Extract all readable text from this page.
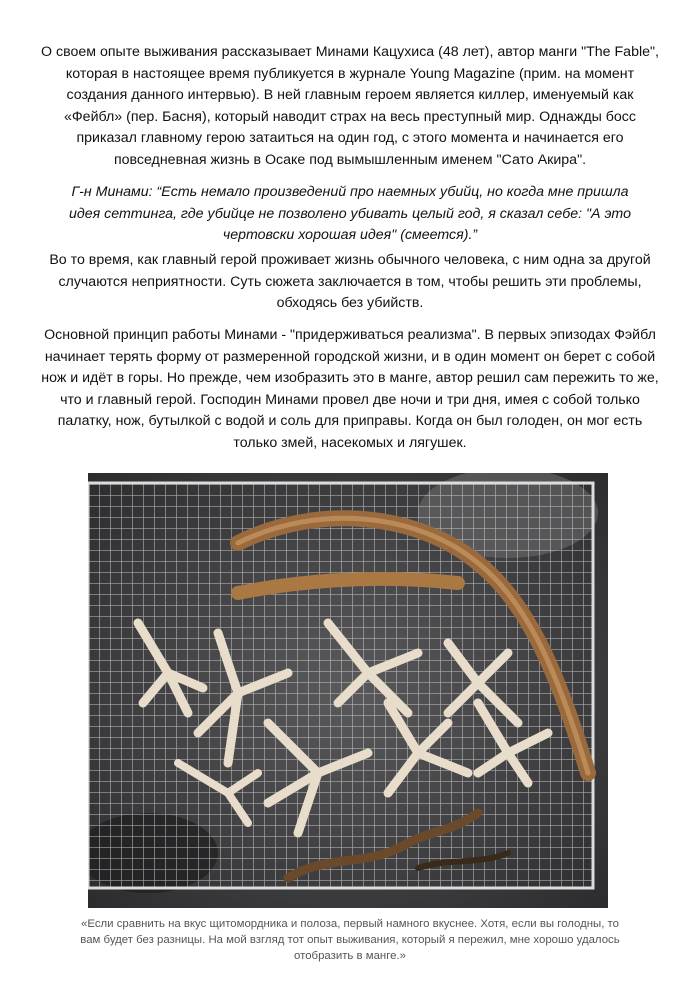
О своем опыте выживания рассказывает Минами Кацухиса (48 лет), автор манги "The Fable", которая в настоящее время публикуется в журнале Young Magazine (прим. на момент создания данного интервью). В ней главным героем является киллер, именуемый как «Фейбл» (пер. Басня), который наводит страх на весь преступный мир. Однажды босс приказал главному герою затаиться на один год, с этого момента и начинается его повседневная жизнь в Осаке под вымышленным именем "Сато Акира".

Г-н Минами: “Есть немало произведений про наемных убийц, но когда мне пришла идея сеттинга, где убийце не позволено убивать целый год, я сказал себе: "А это чертовски хорошая идея" (смеется).”

Во то время, как главный герой проживает жизнь обычного человека, с ним одна за другой случаются неприятности. Суть сюжета заключается в том, чтобы решить эти проблемы, обходясь без убийств.

Основной принцип работы Минами - "придерживаться реализма". В первых эпизодах Фэйбл начинает терять форму от размеренной городской жизни, и в один момент он берет с собой нож и идёт в горы. Но прежде, чем изобразить это в манге, автор решил сам пережить то же, что и главный герой. Господин Минами провел две ночи и три дня, имея с собой только палатку, нож, бутылкой с водой и соль для приправы. Когда он был голоден, он мог есть только змей, насекомых и лягушек.

«Если сравнить на вкус щитомордника и полоза, первый намного вкуснее. Хотя, если вы голодны, то вам будет без разницы. На мой взгляд тот опыт выживания, который я пережил, мне хорошо удалось отобразить в манге.»
